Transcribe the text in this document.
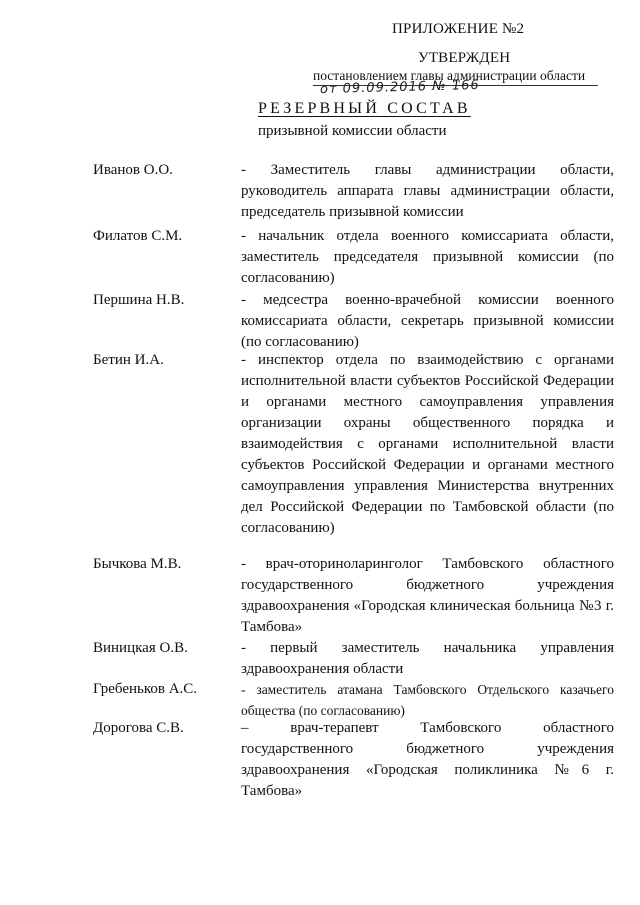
ПРИЛОЖЕНИЕ №2
УТВЕРЖДЕН
постановлением главы администрации области
от 09.09.2016 № 166
РЕЗЕРВНЫЙ СОСТАВ
призывной комиссии области
Иванов О.О.	- Заместитель главы администрации области, руководитель аппарата главы администрации области, председатель призывной комиссии
Филатов С.М.	- начальник отдела военного комиссариата области, заместитель председателя призывной комиссии (по согласованию)
Першина Н.В.	- медсестра военно-врачебной комиссии военного комиссариата области, секретарь призывной комиссии (по согласованию)
Бетин И.А.	- инспектор отдела по взаимодействию с органами исполнительной власти субъектов Российской Федерации и органами местного самоуправления управления организации охраны общественного порядка и взаимодействия с органами исполнительной власти субъектов Российской Федерации и органами местного самоуправления управления Министерства внутренних дел Российской Федерации по Тамбовской области (по согласованию)
Бычкова М.В.	- врач-оториноларинголог Тамбовского областного государственного бюджетного учреждения здравоохранения «Городская клиническая больница №3 г. Тамбова»
Виницкая О.В.	- первый заместитель начальника управления здравоохранения области
Гребеньков А.С.	- заместитель атамана Тамбовского Отдельского казачьего общества (по согласованию)
Дорогова С.В.	– врач-терапевт Тамбовского областного государственного бюджетного учреждения здравоохранения «Городская поликлиника №6 г. Тамбова»
